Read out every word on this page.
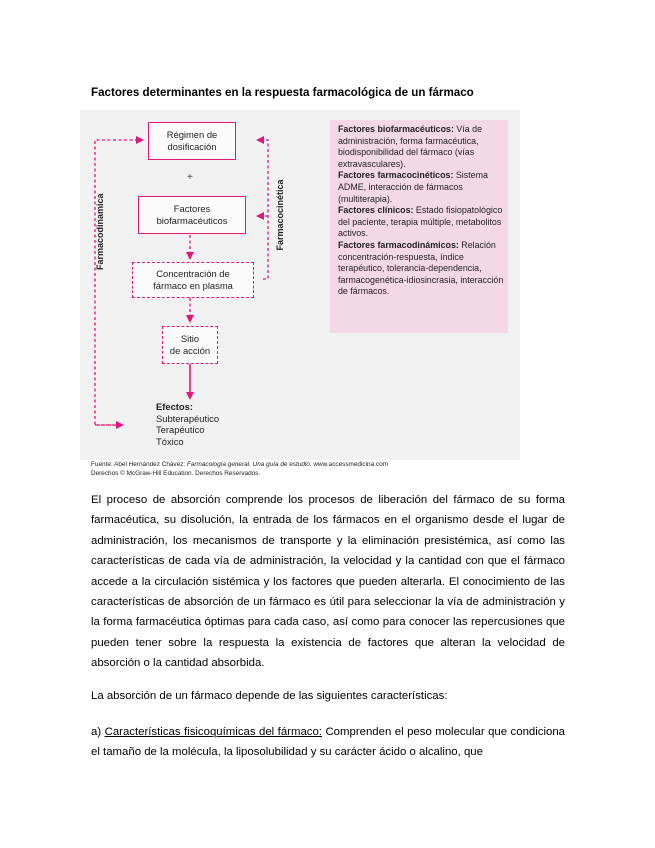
Factores determinantes en la respuesta farmacológica de un fármaco
Régimen de
dosificación
+
Factores
biofarmacéuticos
Concentración de
fármaco en plasma
Sitio
de acción
Farmacodinamica	Farmacocinética
Efectos:
Subterapéutico
Terapéutico
Tóxico

Factores biofarmacéuticos: Vía de administración, forma farmacéutica, biodisponibilidad del fármaco (vías extravasculares).

Factores farmacocinéticos: Sistema ADME, interacción de fármacos (multiterapia).

Factores clínicos: Estado fisiopatológico del paciente, terapia múltiple, metabolitos activos.

Factores farmacodinámicos: Relación concentración-respuesta, índice terapéutico, tolerancia-dependencia, farmacogenética-idiosincrasia, interacción de fármacos.

Fuente: Abel Hernández Chávez: Farmacología general. Una guía de estudio, www.accessmedicina.com
Derechos © McGraw-Hill Education. Derechos Reservados.
El proceso de absorción comprende los procesos de liberación del fármaco de su forma farmacéutica, su disolución, la entrada de los fármacos en el organismo desde el lugar de administración, los mecanismos de transporte y la eliminación presistémica, así como las características de cada vía de administración, la velocidad y la cantidad con que el fármaco accede a la circulación sistémica y los factores que pueden alterarla. El conocimiento de las características de absorción de un fármaco es útil para seleccionar la vía de administración y la forma farmacéutica óptimas para cada caso, así como para conocer las repercusiones que pueden tener sobre la respuesta la existencia de factores que alteran la velocidad de absorción o la cantidad absorbida.
La absorción de un fármaco depende de las siguientes características:
a) Características fisicoquímicas del fármaco: Comprenden el peso molecular que condiciona el tamaño de la molécula, la liposolubilidad y su carácter ácido o alcalino, que
